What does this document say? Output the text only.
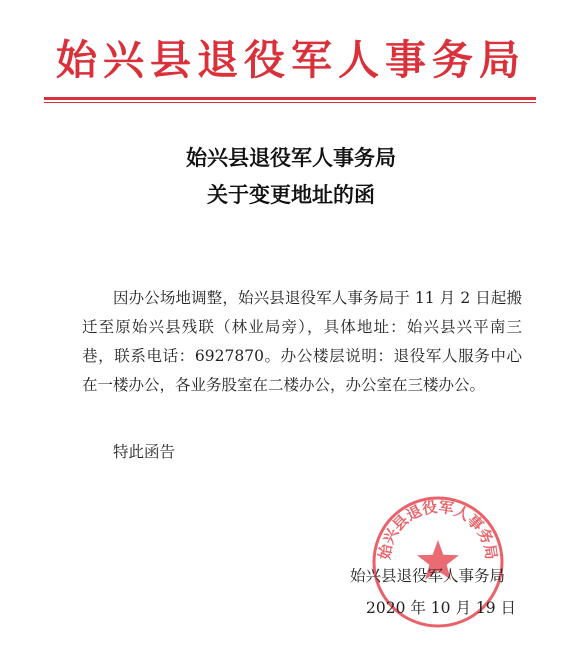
始兴县退役军人事务局
始兴县退役军人事务局
关于变更地址的函

因办公场地调整，始兴县退役军人事务局于 11 月 2 日起搬迁至原始兴县残联（林业局旁），具体地址：始兴县兴平南三巷，联系电话：6927870。办公楼层说明：退役军人服务中心在一楼办公，各业务股室在二楼办公，办公室在三楼办公。

特此函告
始兴县退役军人事务局
始兴县退役军人事务局
2020 年 10 月 19 日
